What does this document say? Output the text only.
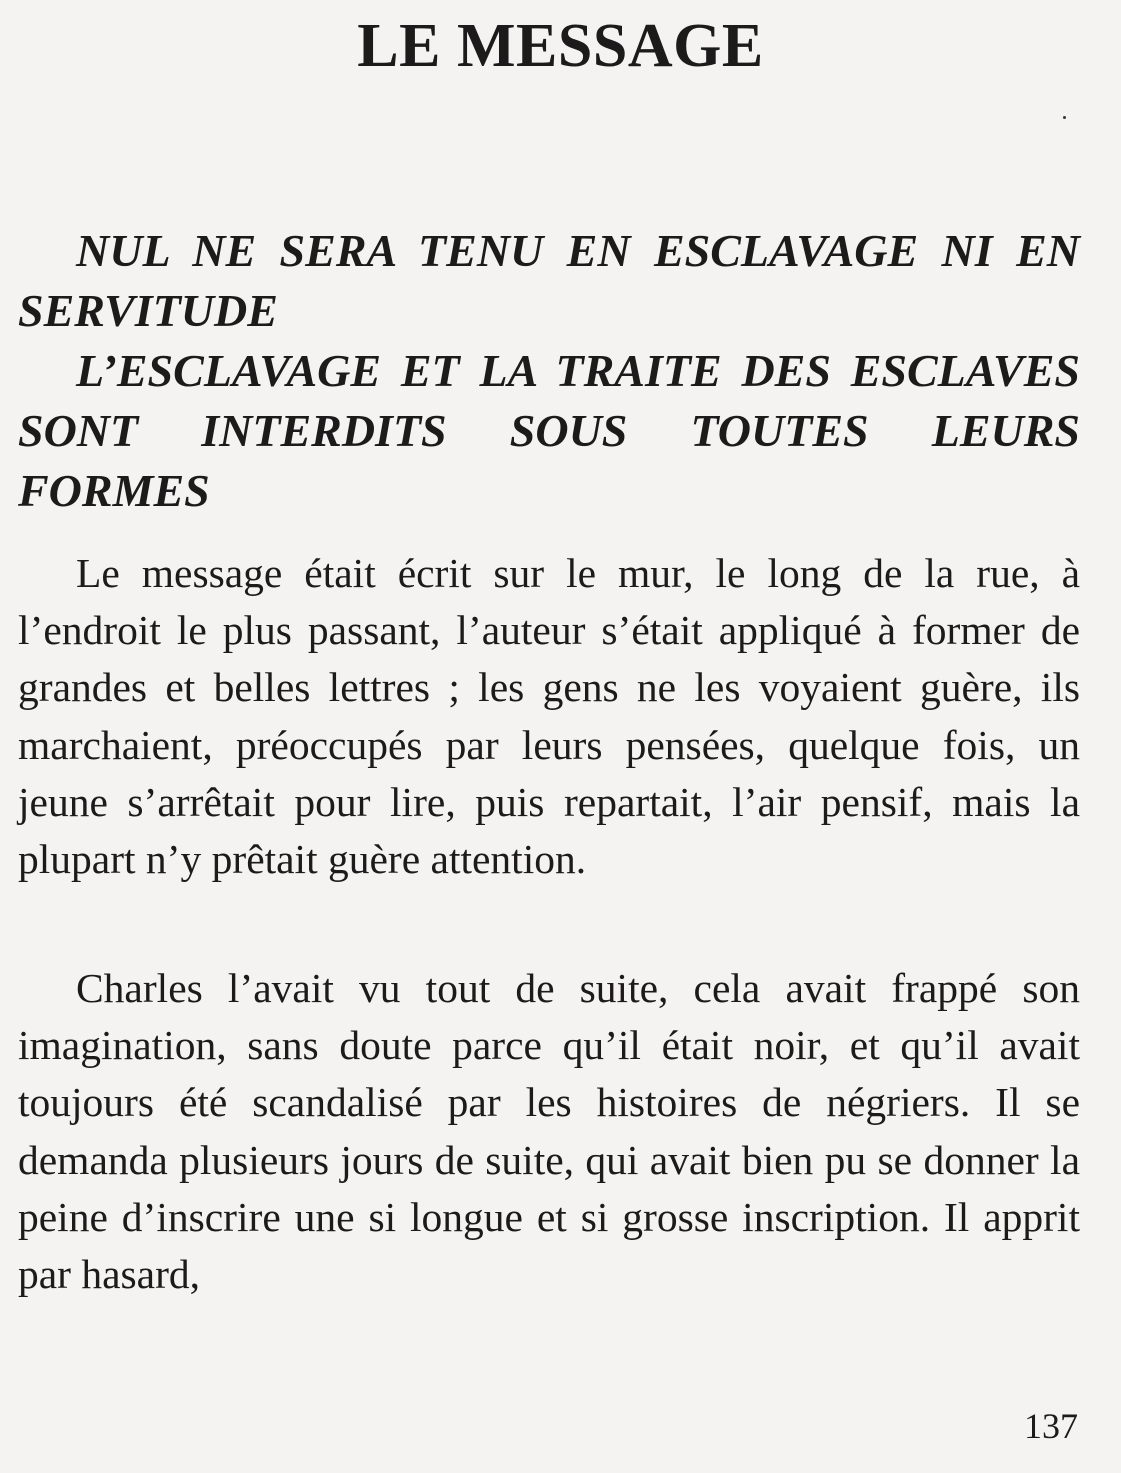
LE MESSAGE

NUL NE SERA TENU EN ESCLAVAGE NI EN SERVITUDE

L’ESCLAVAGE ET LA TRAITE DES ESCLAVES SONT INTERDITS SOUS TOUTES LEURS FORMES

Le message était écrit sur le mur, le long de la rue, à l’endroit le plus passant, l’auteur s’était appliqué à former de grandes et belles lettres ; les gens ne les voyaient guère, ils marchaient, préoccupés par leurs pensées, quelque fois, un jeune s’arrêtait pour lire, puis repartait, l’air pensif, mais la plupart n’y prêtait guère attention.

Charles l’avait vu tout de suite, cela avait frappé son imagination, sans doute parce qu’il était noir, et qu’il avait toujours été scandalisé par les histoires de négriers. Il se demanda plusieurs jours de suite, qui avait bien pu se donner la peine d’inscrire une si longue et si grosse inscription. Il apprit par hasard,

137
